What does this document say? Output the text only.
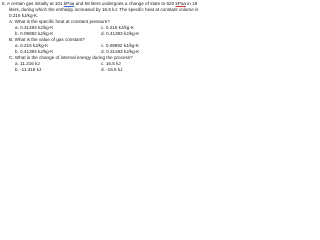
5. A certain gas initially at 101 kPaa and 58 liters undergoes a change of state to 620 kPaa in 18
liters, during which the enthalpy increased by 16.5 kJ. The specific heat at constant volume is
0.216 kJ/kg-K.
A. What is the specific heat at constant pressure?
a. 0.31493 kJ/kg-K	c. 0.216 kJ/kg-K
b. 0.09892 kJ/kg-K	d. 0.41393 kJ/kg-K
B. What is the value of gas constant?
a. 0.216 kJ/kg-K	c. 0.09892 kJ/kg-K
b. 0.41393 kJ/kg-K	d. 0.31493 kJ/kg-K
C. What is the change of internal energy during the process?
a. 11.316 kJ	c. 16.5 kJ
b. -11.316 kJ	d. -16.5 kJ
